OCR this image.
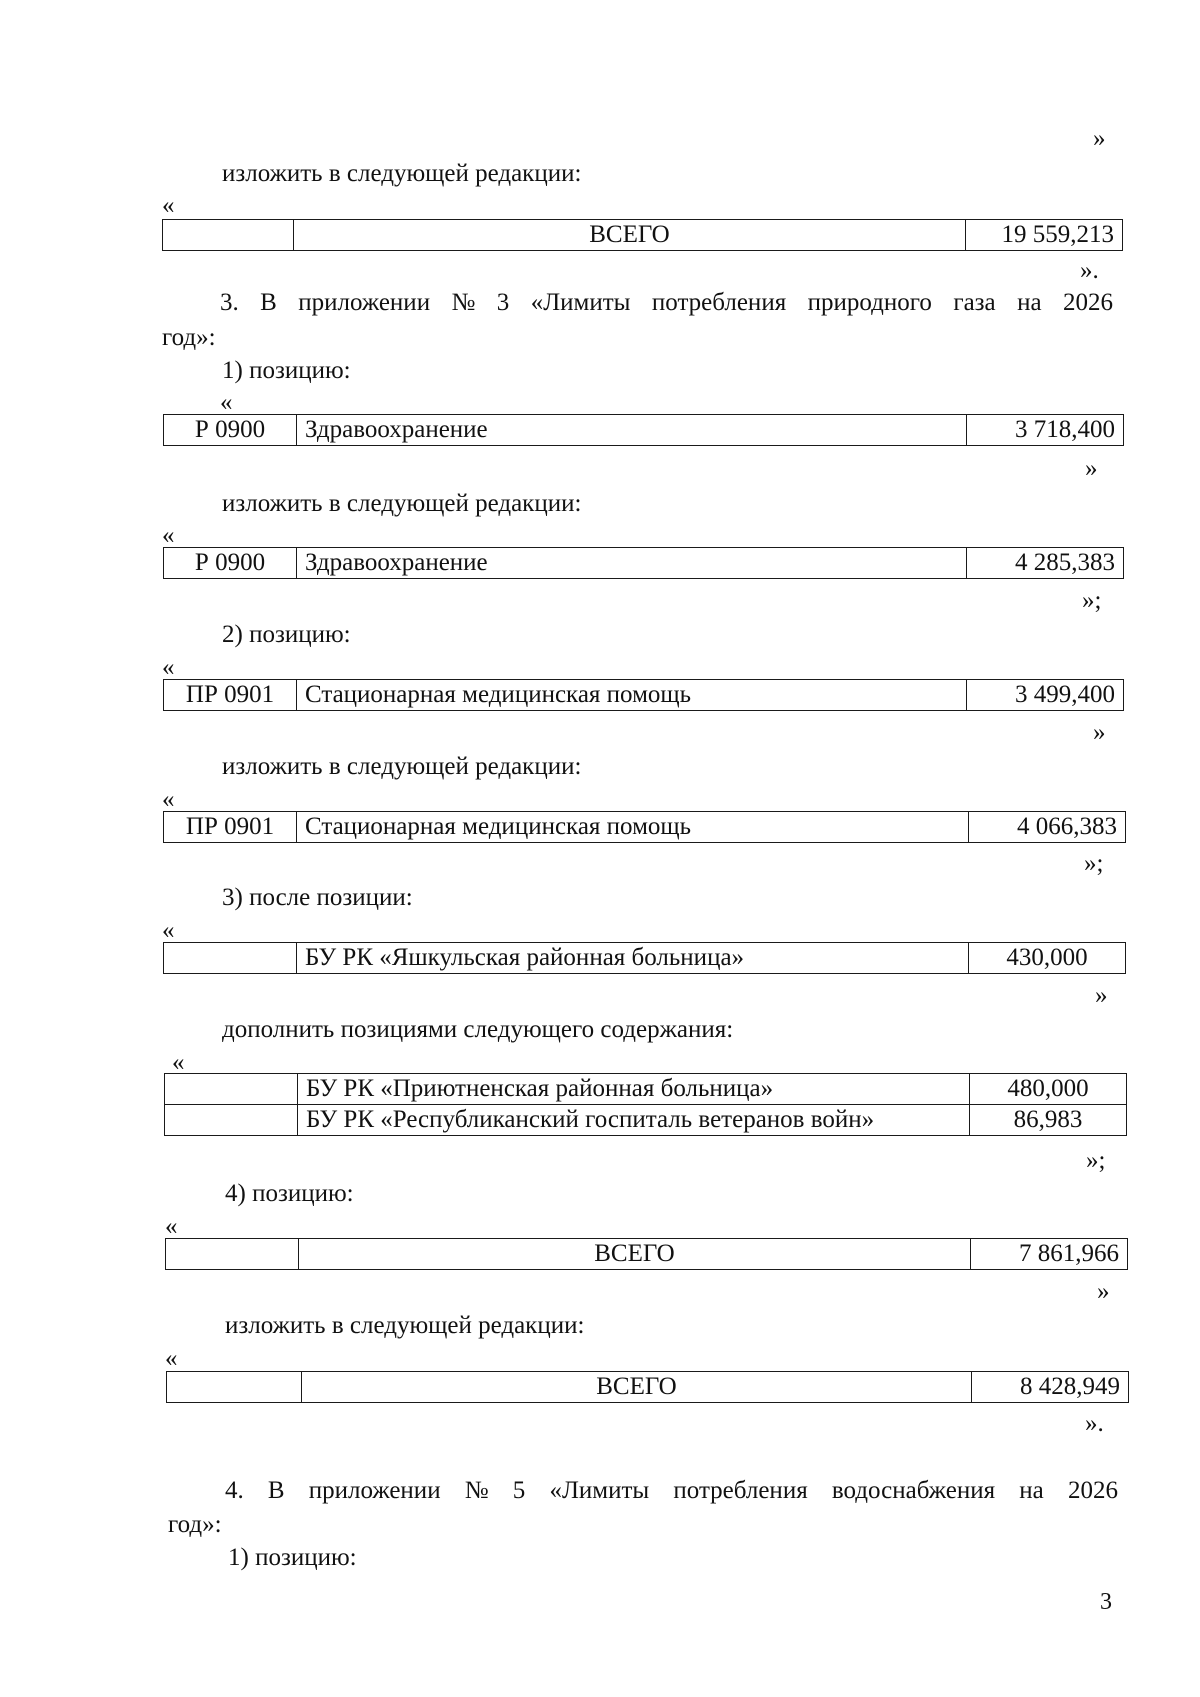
»
изложить в следующей редакции:
«
	ВСЕГО	19 559,213
».
3. В приложении № 3 «Лимиты потребления природного газа на 2026
год»:
1) позицию:
«
Р 0900	Здравоохранение	3 718,400
»
изложить в следующей редакции:
«
Р 0900	Здравоохранение	4 285,383
»;
2) позицию:
«
ПР 0901	Стационарная медицинская помощь	3 499,400
»
изложить в следующей редакции:
«
ПР 0901	Стационарная медицинская помощь	4 066,383
»;
3) после позиции:
«
	БУ РК «Яшкульская районная больница»	430,000
»
дополнить позициями следующего содержания:
«
	БУ РК «Приютненская районная больница»	480,000
	БУ РК «Республиканский госпиталь ветеранов войн»	86,983
»;
4) позицию:
«
	ВСЕГО	7 861,966
»
изложить в следующей редакции:
«
	ВСЕГО	8 428,949
».
4. В приложении № 5 «Лимиты потребления водоснабжения на 2026
год»:
1) позицию:
3
